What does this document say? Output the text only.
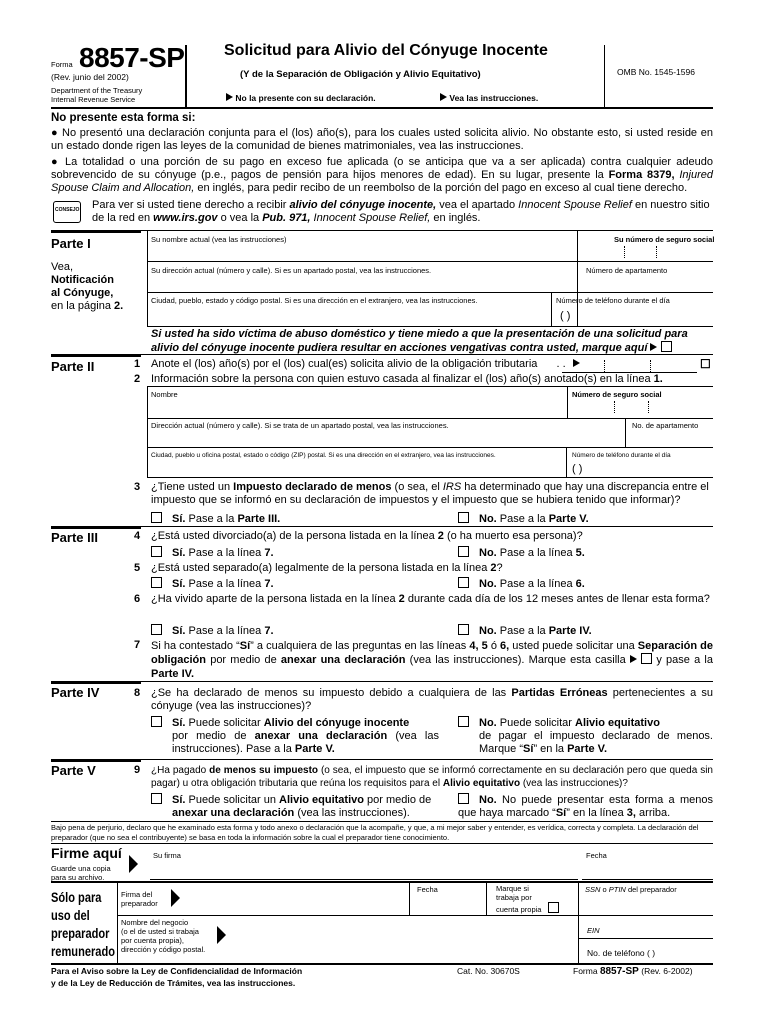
Forma 8857-SP
(Rev. junio del 2002)
Department of the Treasury
Internal Revenue Service
Solicitud para Alivio del Cónyuge Inocente
(Y de la Separación de Obligación y Alivio Equitativo)
No la presente con su declaración.	Vea las instrucciones.
OMB No. 1545-1596
No presente esta forma si:
● No presentó una declaración conjunta para el (los) año(s), para los cuales usted solicita alivio. No obstante esto, si usted reside en un estado donde rigen las leyes de la comunidad de bienes matrimoniales, vea las instrucciones.
● La totalidad o una porción de su pago en exceso fue aplicada (o se anticipa que va a ser aplicada) contra cualquier adeudo sobrevencido de su cónyuge (p.e., pagos de pensión para hijos menores de edad). En su lugar, presente la Forma 8379, Injured Spouse Claim and Allocation, en inglés, para pedir recibo de un reembolso de la porción del pago en exceso al cual tiene derecho.
CONSEJO Para ver si usted tiene derecho a recibir alivio del cónyuge inocente, vea el apartado Innocent Spouse Relief en nuestro sitio de la red en www.irs.gov o vea la Pub. 971, Innocent Spouse Relief, en inglés.
Parte I
Vea,
Notificación
al Cónyuge,
en la página 2.
Su nombre actual (vea las instrucciones)	Su número de seguro social
Su dirección actual (número y calle). Si es un apartado postal, vea las instrucciones.	Número de apartamento
Ciudad, pueblo, estado y código postal. Si es una dirección en el extranjero, vea las instrucciones.	Número de teléfono durante el día
( )
Si usted ha sido víctima de abuso doméstico y tiene miedo a que la presentación de una solicitud para alivio del cónyuge inocente pudiera resultar en acciones vengativas contra usted, marque aquí
Parte II	1 Anote el (los) año(s) por el (los) cual(es) solicita alivio de la obligación tributaria . .	☐
2 Información sobre la persona con quien estuvo casada al finalizar el (los) año(s) anotado(s) en la línea 1.
Nombre	Número de seguro social
Dirección actual (número y calle). Si se trata de un apartado postal, vea las instrucciones.	No. de apartamento
Ciudad, pueblo u oficina postal, estado o código (ZIP) postal. Si es una dirección en el extranjero, vea las instrucciones.	Número de teléfono durante el día
( )
3 ¿Tiene usted un Impuesto declarado de menos (o sea, el IRS ha determinado que hay una discrepancia entre el impuesto que se informó en su declaración de impuestos y el impuesto que se hubiera tenido que informar)?
Sí. Pase a la Parte III.	No. Pase a la Parte V.
Parte III	4 ¿Está usted divorciado(a) de la persona listada en la línea 2 (o ha muerto esa persona)?
Sí. Pase a la línea 7.	No. Pase a la línea 5.
5 ¿Está usted separado(a) legalmente de la persona listada en la línea 2?
Sí. Pase a la línea 7.	No. Pase a la línea 6.
6 ¿Ha vivido aparte de la persona listada en la línea 2 durante cada día de los 12 meses antes de llenar esta forma?
Sí. Pase a la línea 7.	No. Pase a la Parte IV.
7 Si ha contestado “Sí” a cualquiera de las preguntas en las líneas 4, 5 ó 6, usted puede solicitar una Separación de obligación por medio de anexar una declaración (vea las instrucciones). Marque esta casilla   y pase a la Parte IV.
Parte IV	8 ¿Se ha declarado de menos su impuesto debido a cualquiera de las Partidas Erróneas pertenecientes a su cónyuge (vea las instrucciones)?
Sí. Puede solicitar Alivio del cónyuge inocente
por medio de anexar una declaración (vea las instrucciones). Pase a la Parte V.
No. Puede solicitar Alivio equitativo
de pagar el impuesto declarado de menos. Marque “Sí” en la Parte V.
Parte V	9 ¿Ha pagado de menos su impuesto (o sea, el impuesto que se informó correctamente en su declaración pero que queda sin pagar) u otra obligación tributaria que reúna los requisitos para el Alivio equitativo (vea las instrucciones)?
Sí. Puede solicitar un Alivio equitativo por medio de
anexar una declaración (vea las instrucciones).
No. No puede presentar esta forma a menos que haya marcado “Sí” en la línea 3, arriba.
Bajo pena de perjurio, declaro que he examinado esta forma y todo anexo o declaración que la acompañe, y que, a mi mejor saber y entender, es verídica, correcta y completa. La declaración del preparador (que no sea el contribuyente) se basa en toda la información sobre la cual el preparador tiene conocimiento.
Firme aquí
Guarde una copia
para su archivo.
Su firma	Fecha
Sólo para
uso del
preparador
remunerado
Firma del
preparador
Fecha	Marque si
trabaja por
cuenta propia
SSN o PTIN del preparador
Nombre del negocio
(o el de usted si trabaja
por cuenta propia),
dirección y código postal.
EIN
No. de teléfono ( )
Para el Aviso sobre la Ley de Confidencialidad de Información
y de la Ley de Reducción de Trámites, vea las instrucciones.
Cat. No. 30670S	Forma 8857-SP (Rev. 6-2002)
